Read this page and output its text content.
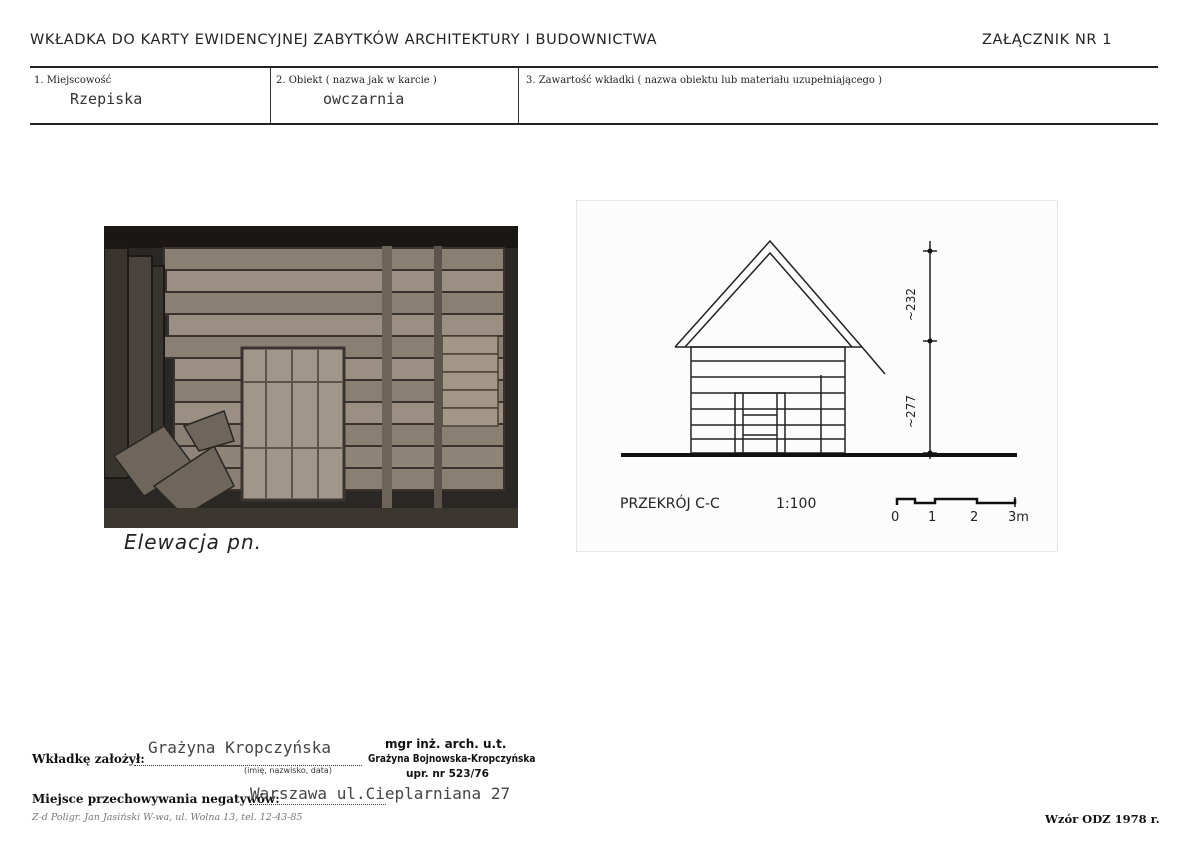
WKŁADKA DO KARTY EWIDENCYJNEJ ZABYTKÓW ARCHITEKTURY I BUDOWNICTWA	ZAŁĄCZNIK NR 1
1. Miejscowość
Rzepiska
2. Obiekt ( nazwa jak w karcie )
owczarnia
3. Zawartość wkładki ( nazwa obiektu lub materiału uzupełniającego )
Elewacja pn.
~232
~277
PRZEKRÓJ C-C	1:100
0 1	2 3m
Wkładkę założył:
Grażyna Kropczyńska
(imię, nazwisko, data)
mgr inż. arch. u.t.
Grażyna Bojnowska-Kropczyńska
upr. nr 523/76
Miejsce przechowywania negatywów:
Warszawa ul.Cieplarniana 27
Z-d Poligr. Jan Jasiński W-wa, ul. Wolna 13, tel. 12-43-85	Wzór ODZ 1978 r.
